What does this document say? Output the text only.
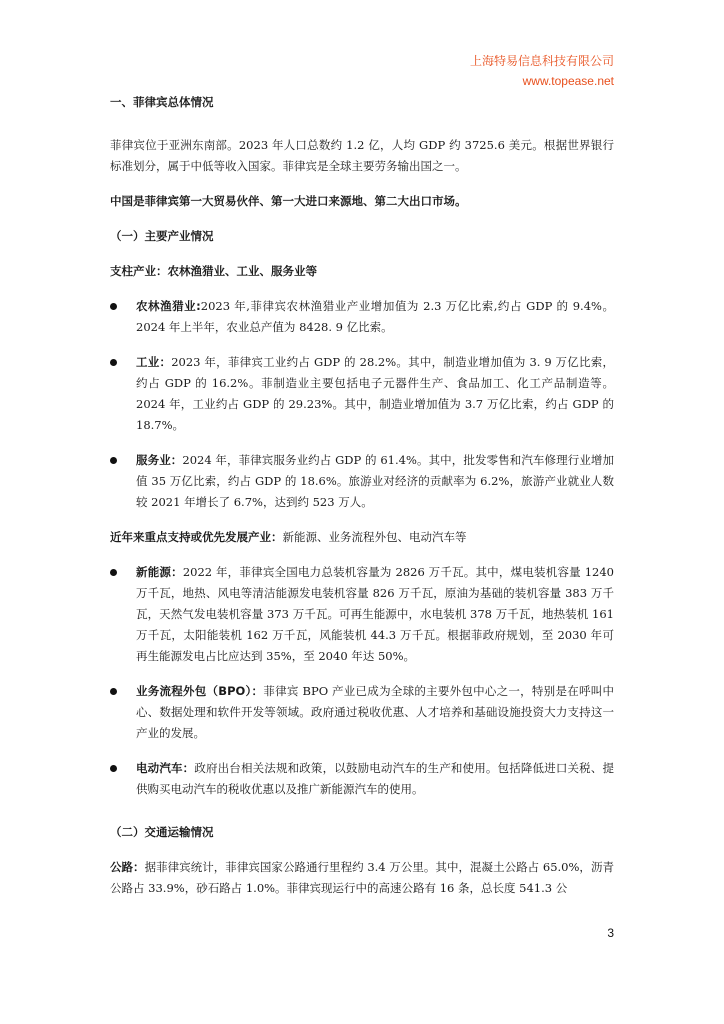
上海特易信息科技有限公司
www.topease.net

一、菲律宾总体情况

菲律宾位于亚洲东南部。2023 年人口总数约 1.2 亿，人均 GDP 约 3725.6 美元。根据世界银行标准划分，属于中低等收入国家。菲律宾是全球主要劳务输出国之一。

中国是菲律宾第一大贸易伙伴、第一大进口来源地、第二大出口市场。

（一）主要产业情况

支柱产业：农林渔猎业、工业、服务业等

农林渔猎业:2023 年,菲律宾农林渔猎业产业增加值为 2.3 万亿比索,约占 GDP 的 9.4%。2024 年上半年，农业总产值为 8428. 9 亿比索。
工业：2023 年，菲律宾工业约占 GDP 的 28.2%。其中，制造业增加值为 3. 9 万亿比索，约占 GDP 的 16.2%。菲制造业主要包括电子元器件生产、食品加工、化工产品制造等。2024 年，工业约占 GDP 的 29.23%。其中，制造业增加值为 3.7 万亿比索，约占 GDP 的 18.7%。
服务业：2024 年，菲律宾服务业约占 GDP 的 61.4%。其中，批发零售和汽车修理行业增加值 35 万亿比索，约占 GDP 的 18.6%。旅游业对经济的贡献率为 6.2%，旅游产业就业人数较 2021 年增长了 6.7%，达到约 523 万人。

近年来重点支持或优先发展产业：新能源、业务流程外包、电动汽车等

新能源：2022 年，菲律宾全国电力总装机容量为 2826 万千瓦。其中，煤电装机容量 1240 万千瓦，地热、风电等清洁能源发电装机容量 826 万千瓦，原油为基础的装机容量 383 万千瓦，天然气发电装机容量 373 万千瓦。可再生能源中，水电装机 378 万千瓦，地热装机 161 万千瓦，太阳能装机 162 万千瓦，风能装机 44.3 万千瓦。根据菲政府规划，至 2030 年可再生能源发电占比应达到 35%，至 2040 年达 50%。
业务流程外包（BPO）：菲律宾 BPO 产业已成为全球的主要外包中心之一，特别是在呼叫中心、数据处理和软件开发等领域。政府通过税收优惠、人才培养和基础设施投资大力支持这一产业的发展。
电动汽车：政府出台相关法规和政策，以鼓励电动汽车的生产和使用。包括降低进口关税、提供购买电动汽车的税收优惠以及推广新能源汽车的使用。

（二）交通运输情况

公路：据菲律宾统计，菲律宾国家公路通行里程约 3.4 万公里。其中，混凝土公路占 65.0%，沥青公路占 33.9%，砂石路占 1.0%。菲律宾现运行中的高速公路有 16 条，总长度 541.3 公

3
